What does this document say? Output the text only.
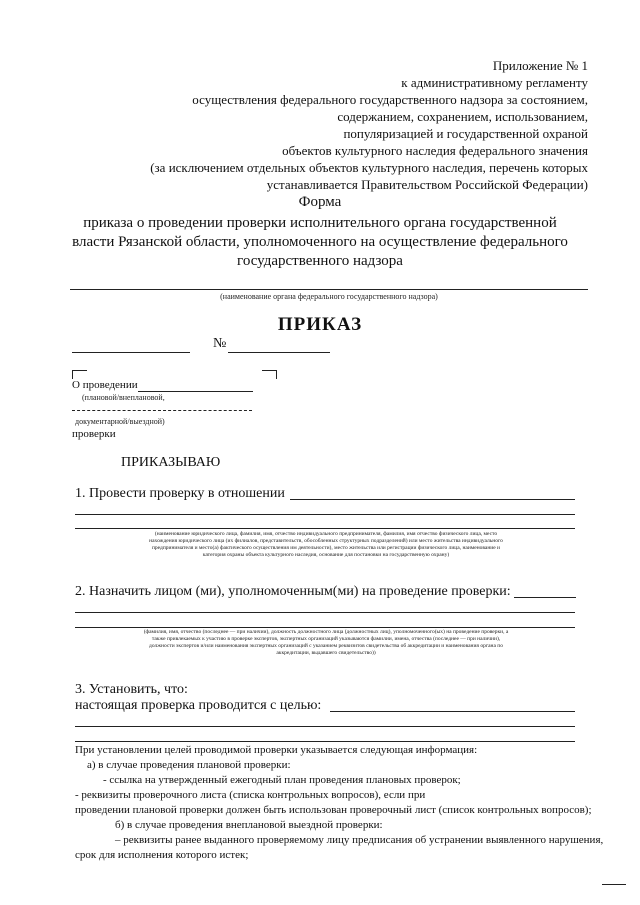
Приложение № 1
к административному регламенту
осуществления федерального государственного надзора за состоянием,
содержанием, сохранением, использованием,
популяризацией и государственной охраной
объектов культурного наследия федерального значения
(за исключением отдельных объектов культурного наследия, перечень которых
устанавливается Правительством Российской Федерации)
Форма
приказа о проведении проверки исполнительного органа государственной
власти Рязанской области, уполномоченного на осуществление федерального
государственного надзора
(наименование органа федерального государственного надзора)
ПРИКАЗ
№
О проведении
(плановой/внеплановой,
документарной/выездной)
проверки
ПРИКАЗЫВАЮ
1. Провести проверку в отношении
(наименование юридического лица, фамилия, имя, отчество индивидуального предпринимателя, фамилия, имя отчество физического лица, место
нахождения юридического лица (их филиалов, представительств, обособленных структурных подразделений) или место жительства индивидуального
предпринимателя и место(а) фактического осуществления им деятельности), место жительства или регистрации физического лица, наименование и
категория охраны объекта культурного наследия, основание для постановки на государственную охрану)
2. Назначить лицом (ми), уполномоченным(ми) на проведение проверки:
(фамилия, имя, отчество (последнее — при наличии), должность должностного лица (должностных лиц), уполномоченного(ых) на проведение проверки, а
также привлекаемых к участию в проверке экспертов, экспертных организаций указываются фамилии, имена, отчества (последнее — при наличии),
должности экспертов и/или наименования экспертных организаций с указанием реквизитов свидетельства об аккредитации и наименования органа по
аккредитации, выдавшего свидетельство))
3. Установить, что:
настоящая проверка проводится с целью:
При установлении целей проводимой проверки указывается следующая информация:
а) в случае проведения плановой проверки:
- ссылка на утвержденный ежегодный план проведения плановых проверок;
- реквизиты проверочного листа (списка контрольных вопросов), если при
проведении плановой проверки должен быть использован проверочный лист (список контрольных вопросов);
б) в случае проведения внеплановой выездной проверки:
– реквизиты ранее выданного проверяемому лицу предписания об устранении выявленного нарушения,
срок для исполнения которого истек;
